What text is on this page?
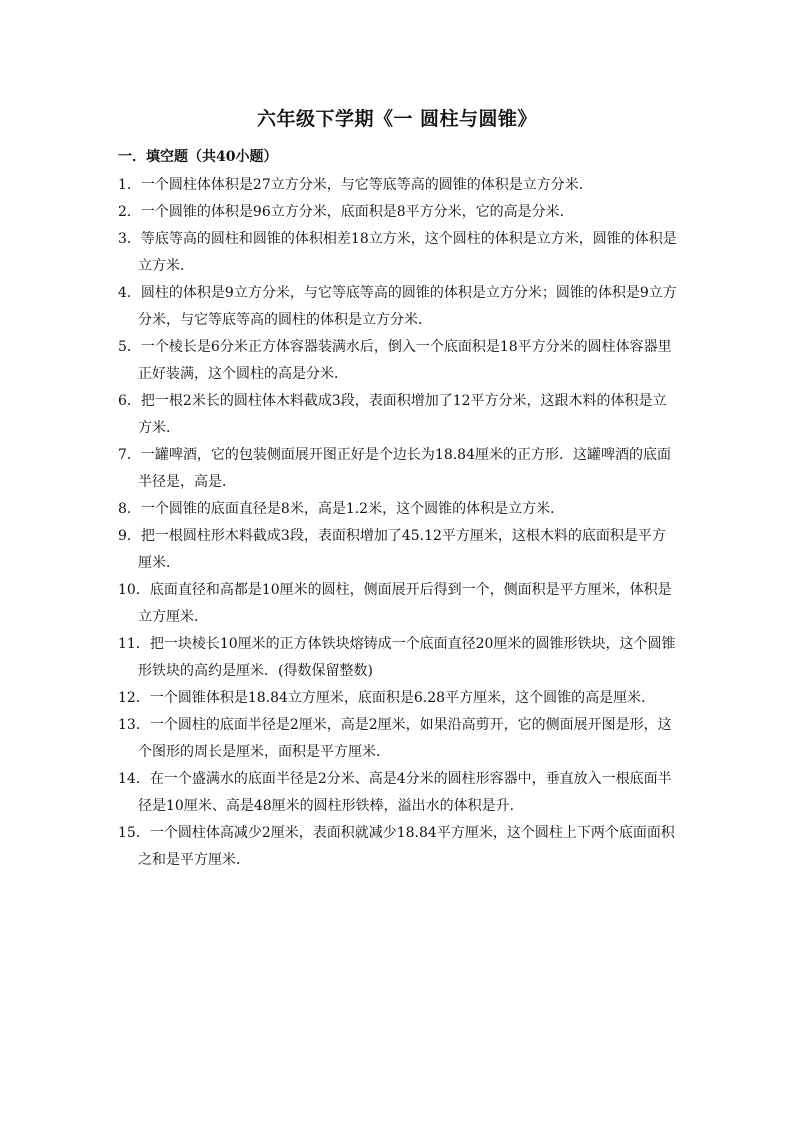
六年级下学期《一 圆柱与圆锥》
一．填空题（共40小题）
1．一个圆柱体体积是27立方分米，与它等底等高的圆锥的体积是立方分米．
2．一个圆锥的体积是96立方分米，底面积是8平方分米，它的高是分米．
3．等底等高的圆柱和圆锥的体积相差18立方米，这个圆柱的体积是立方米，圆锥的体积是立方米．
4．圆柱的体积是9立方分米，与它等底等高的圆锥的体积是立方分米；圆锥的体积是9立方分米，与它等底等高的圆柱的体积是立方分米．
5．一个棱长是6分米正方体容器装满水后，倒入一个底面积是18平方分米的圆柱体容器里正好装满，这个圆柱的高是分米．
6．把一根2米长的圆柱体木料截成3段，表面积增加了12平方分米，这跟木料的体积是立方米．
7．一罐啤酒，它的包装侧面展开图正好是个边长为18.84厘米的正方形．这罐啤酒的底面半径是，高是．
8．一个圆锥的底面直径是8米，高是1.2米，这个圆锥的体积是立方米．
9．把一根圆柱形木料截成3段，表面积增加了45.12平方厘米，这根木料的底面积是平方厘米．
10．底面直径和高都是10厘米的圆柱，侧面展开后得到一个，侧面积是平方厘米，体积是立方厘米．
11．把一块棱长10厘米的正方体铁块熔铸成一个底面直径20厘米的圆锥形铁块，这个圆锥形铁块的高约是厘米．(得数保留整数)
12．一个圆锥体积是18.84立方厘米，底面积是6.28平方厘米，这个圆锥的高是厘米．
13．一个圆柱的底面半径是2厘米，高是2厘米，如果沿高剪开，它的侧面展开图是形，这个图形的周长是厘米，面积是平方厘米．
14．在一个盛满水的底面半径是2分米、高是4分米的圆柱形容器中，垂直放入一根底面半径是10厘米、高是48厘米的圆柱形铁棒，溢出水的体积是升．
15．一个圆柱体高减少2厘米，表面积就减少18.84平方厘米，这个圆柱上下两个底面面积之和是平方厘米．
